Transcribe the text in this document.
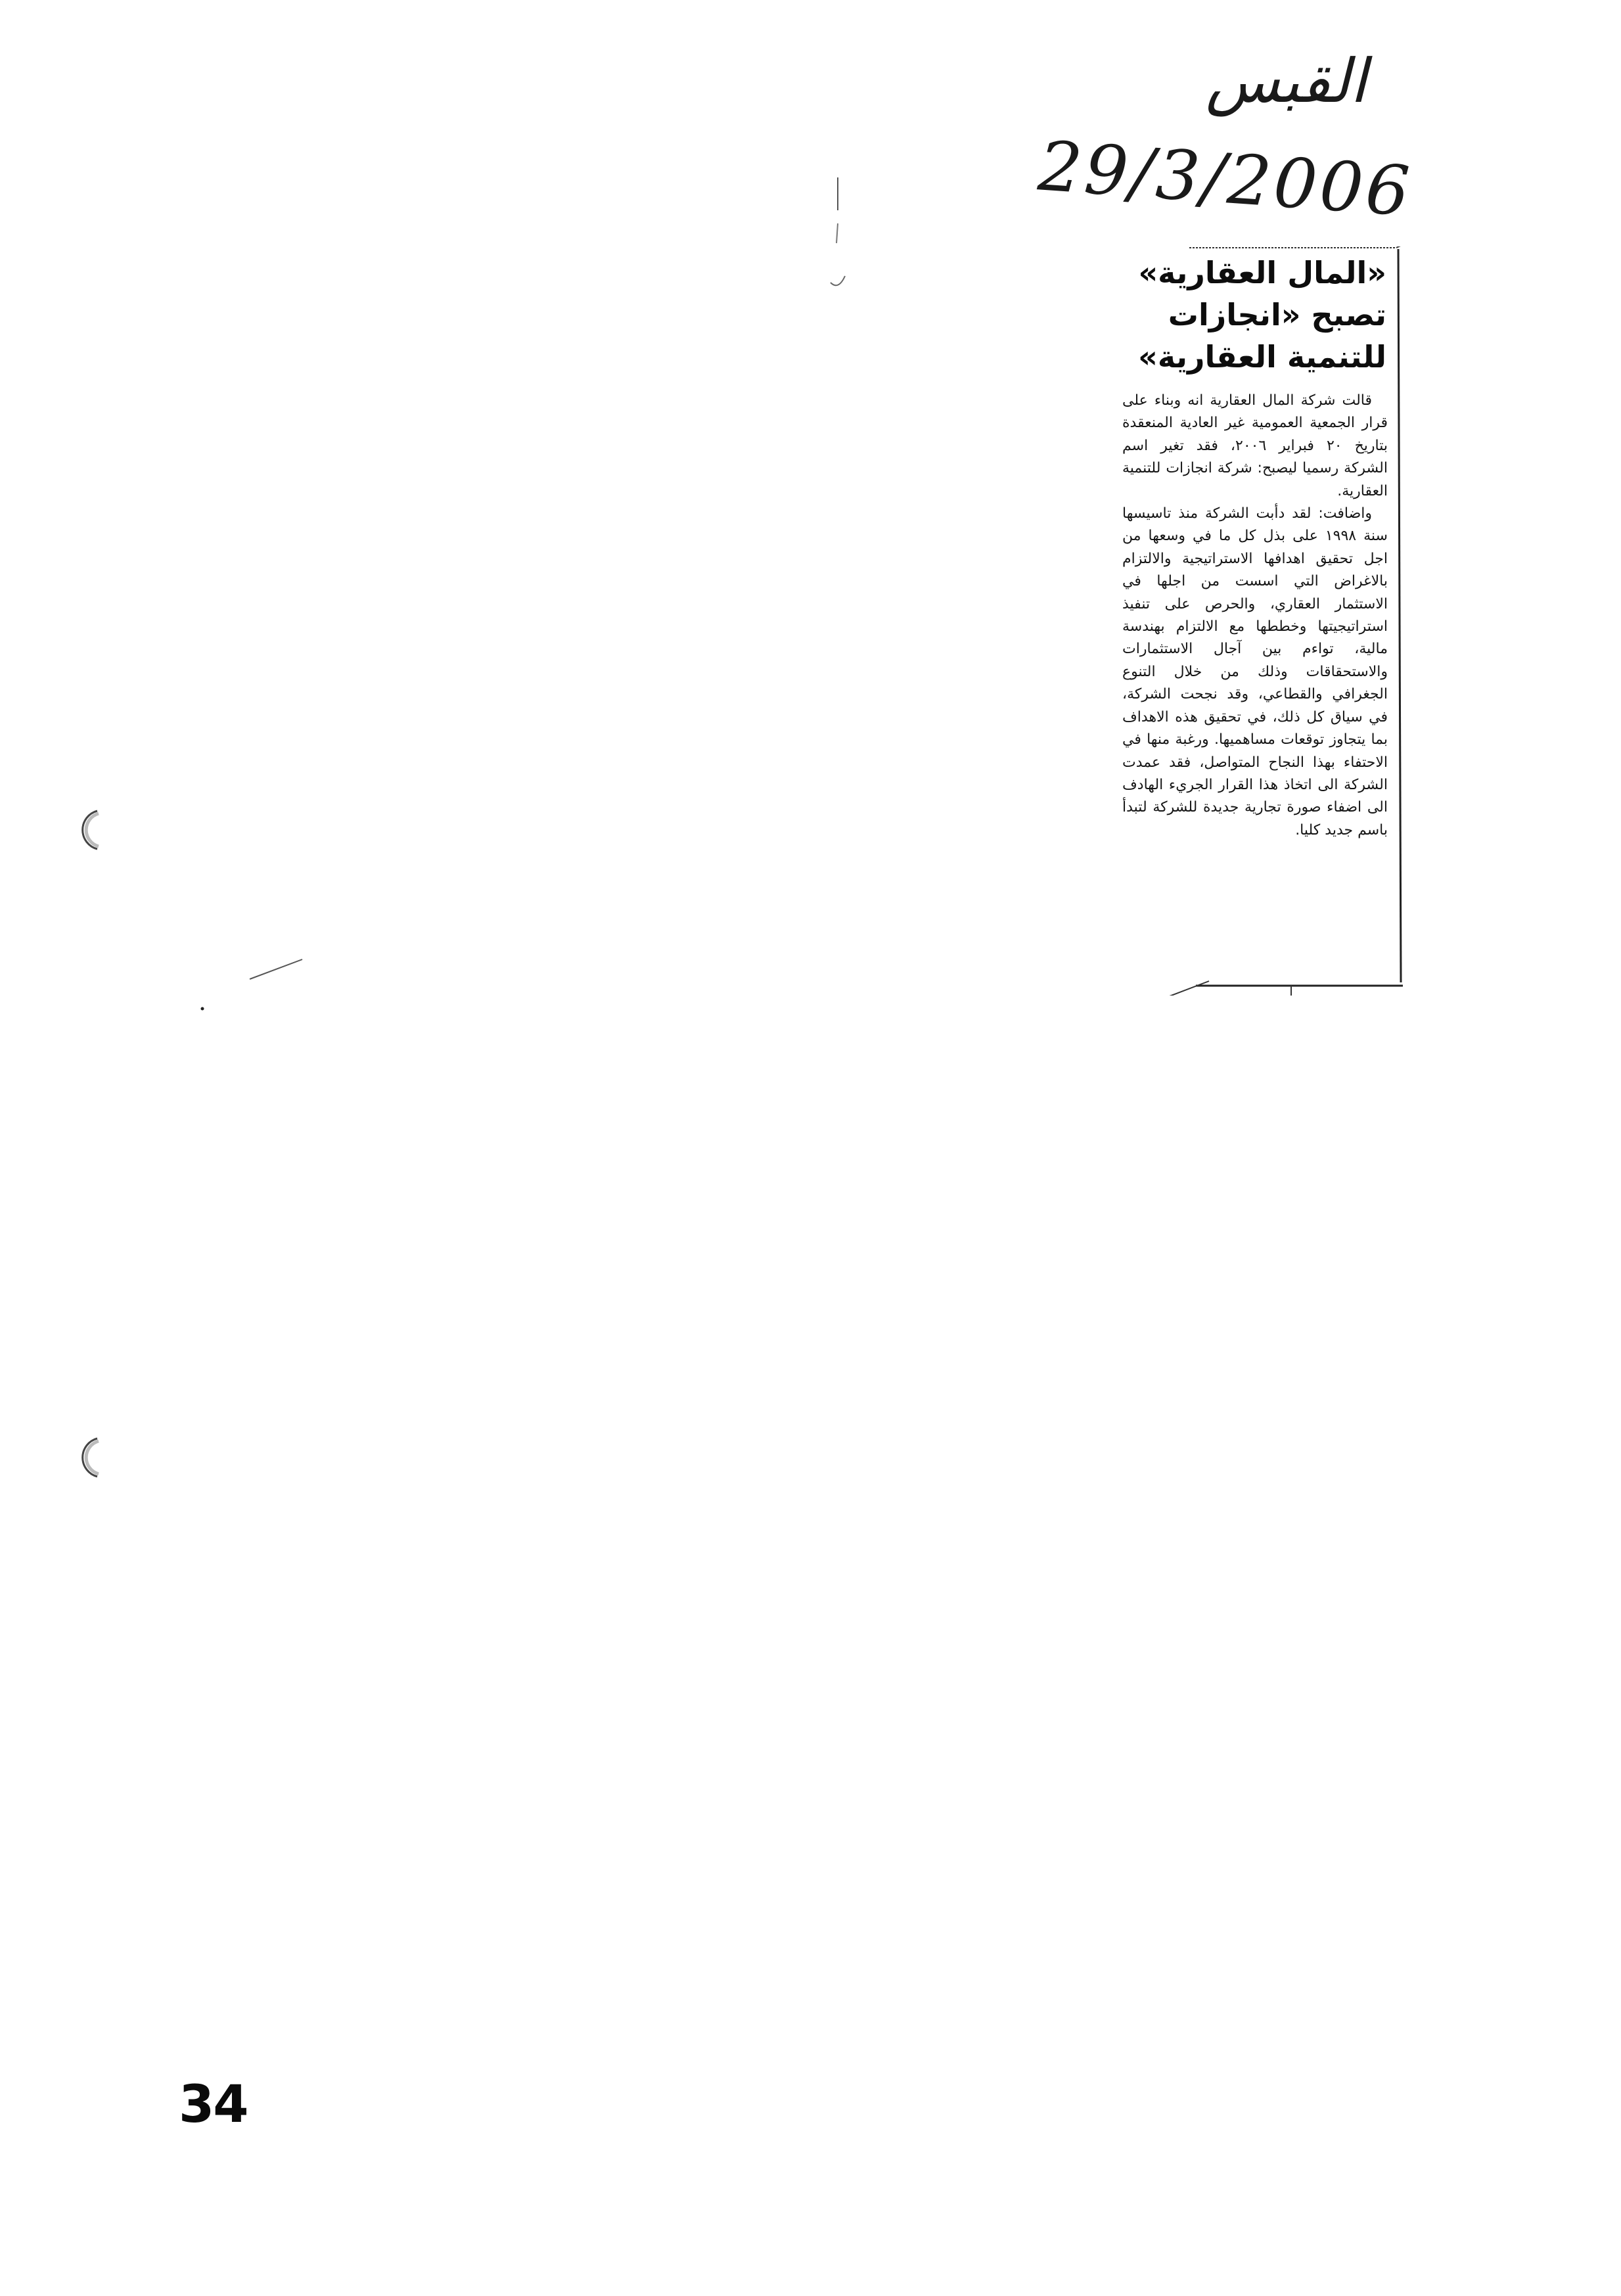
القبس
29/3/2006
«المال العقارية»
تصبح «انجازات
للتنمية العقارية»

قالت شركة المال العقارية انه وبناء على قرار الجمعية العمومية غير العادية المنعقدة بتاريخ ٢٠ فبراير ٢٠٠٦، فقد تغير اسم الشركة رسميا ليصبح: شركة انجازات للتنمية العقارية.

واضافت: لقد دأبت الشركة منذ تاسيسها سنة ١٩٩٨ على بذل كل ما في وسعها من اجل تحقيق اهدافها الاستراتيجية والالتزام بالاغراض التي اسست من اجلها في الاستثمار العقاري، والحرص على تنفيذ استراتيجيتها وخططها مع الالتزام بهندسة مالية، تواءم بين آجال الاستثمارات والاستحقاقات وذلك من خلال التنوع الجغرافي والقطاعي، وقد نجحت الشركة، في سياق كل ذلك، في تحقيق هذه الاهداف بما يتجاوز توقعات مساهميها. ورغبة منها في الاحتفاء بهذا النجاح المتواصل، فقد عمدت الشركة الى اتخاذ هذا القرار الجريء الهادف الى اضفاء صورة تجارية جديدة للشركة لتبدأ باسم جديد كليا.

34
